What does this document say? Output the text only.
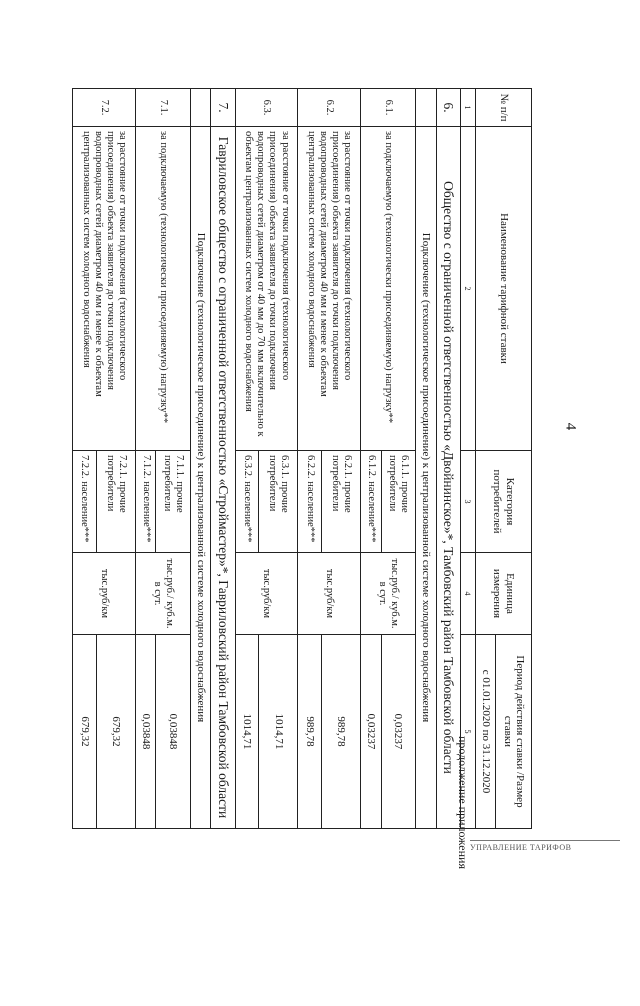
4
продолжение приложения УПРАВЛЕНИЕ ТАРИФОВ
№ п/п	Наименование тарифной ставки	Категория потребителей	Единица измерения	Период действия ставки /Размер ставки
				с 01.01.2020 по 31.12.2020
1	2	3	4	5
6.	Общество с ограниченной ответственностью «Двойнинское»*, Тамбовский район Тамбовской области			
	Подключение (технологическое присоединение) к централизованной системе холодного водоснабжения			
6.1.	за подключаемую (технологически присоединяемую) нагрузку**	6.1.1. прочие потребители	тыс.руб./ куб.м. в сут.	0,03237
		6.1.2. население***		0,03237
6.2.	за расстояние от точки подключения (технологического присоединения) объекта заявителя до точки подключения водопроводных сетей диаметром 40 мм и менее к объектам централизованных систем холодного водоснабжения	6.2.1. прочие потребители	тыс.руб/км	989,78
		6.2.2. население***		989,78
6.3.	за расстояние от точки подключения (технологического присоединения) объекта заявителя до точки подключения водопроводных сетей диаметром от 40 мм до 70 мм включительно к объектам централизованных систем холодного водоснабжения	6.3.1. прочие потребители	тыс.руб/км	1014,71
		6.3.2. население***		1014,71
7.	Гавриловское общество с ограниченной ответственностью «Строймастер»*, Гавриловский район Тамбовской области			
	Подключение (технологическое присоединение) к централизованной системе холодного водоснабжения			
7.1.	за подключаемую (технологически присоединяемую) нагрузку**	7.1.1. прочие потребители	тыс.руб./ куб.м. в сут.	0,03848
		7.1.2. население***		0,03848
7.2.	за расстояние от точки подключения (технологического присоединения) объекта заявителя до точки подключения водопроводных сетей диаметром 40 мм и менее к объектам централизованных систем холодного водоснабжения	7.2.1. прочие потребители	тыс.руб/км	679,32
		7.2.2. население***		679,32
